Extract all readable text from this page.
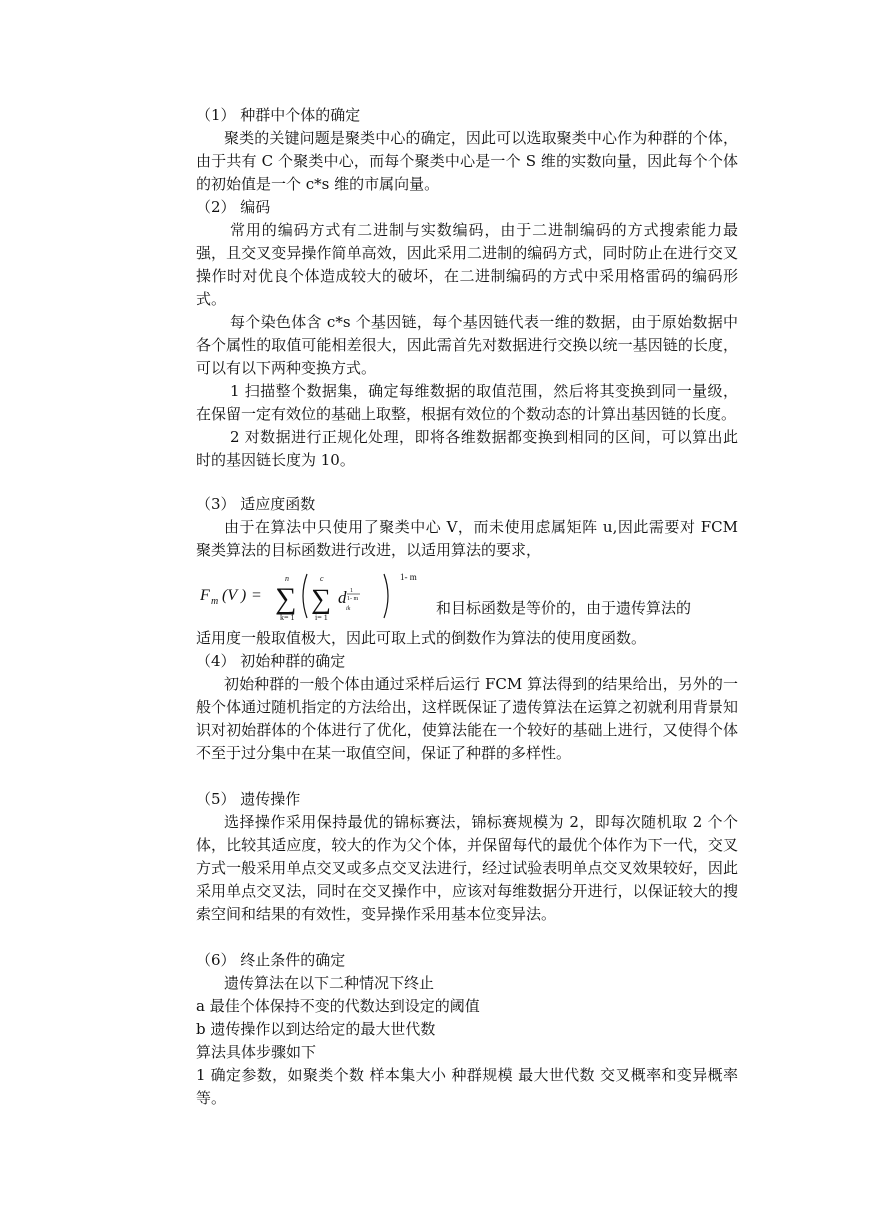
（1） 种群中个体的确定

聚类的关键问题是聚类中心的确定，因此可以选取聚类中心作为种群的个体，由于共有 C 个聚类中心，而每个聚类中心是一个 S 维的实数向量，因此每个个体的初始值是一个 c*s 维的市属向量。

（2） 编码

常用的编码方式有二进制与实数编码，由于二进制编码的方式搜索能力最强，且交叉变异操作简单高效，因此采用二进制的编码方式，同时防止在进行交叉操作时对优良个体造成较大的破坏，在二进制编码的方式中采用格雷码的编码形式。

每个染色体含 c*s 个基因链，每个基因链代表一维的数据，由于原始数据中各个属性的取值可能相差很大，因此需首先对数据进行交换以统一基因链的长度，可以有以下两种变换方式。

1 扫描整个数据集，确定每维数据的取值范围，然后将其变换到同一量级，在保留一定有效位的基础上取整，根据有效位的个数动态的计算出基因链的长度。

2 对数据进行正规化处理，即将各维数据都变换到相同的区间，可以算出此时的基因链长度为 10。

（3） 适应度函数

由于在算法中只使用了聚类中心 V，而未使用虑属矩阵 u,因此需要对 FCM 聚类算法的目标函数进行改进，以适用算法的要求，

F m (V ) =
n
∑
k= 1
c
∑
i= 1
d 1
1- m
ik
1- m

和目标函数是等价的，由于遗传算法的

适用度一般取值极大，因此可取上式的倒数作为算法的使用度函数。

（4） 初始种群的确定

初始种群的一般个体由通过采样后运行 FCM 算法得到的结果给出，另外的一般个体通过随机指定的方法给出，这样既保证了遗传算法在运算之初就利用背景知识对初始群体的个体进行了优化，使算法能在一个较好的基础上进行，又使得个体不至于过分集中在某一取值空间，保证了种群的多样性。

（5） 遗传操作

选择操作采用保持最优的锦标赛法，锦标赛规模为 2，即每次随机取 2 个个体，比较其适应度，较大的作为父个体，并保留每代的最优个体作为下一代，交叉方式一般采用单点交叉或多点交叉法进行，经过试验表明单点交叉效果较好，因此采用单点交叉法，同时在交叉操作中，应该对每维数据分开进行，以保证较大的搜索空间和结果的有效性，变异操作采用基本位变异法。

（6） 终止条件的确定

遗传算法在以下二种情况下终止

a 最佳个体保持不变的代数达到设定的阈值

b 遗传操作以到达给定的最大世代数

算法具体步骤如下

1 确定参数，如聚类个数 样本集大小 种群规模 最大世代数 交叉概率和变异概率等。
